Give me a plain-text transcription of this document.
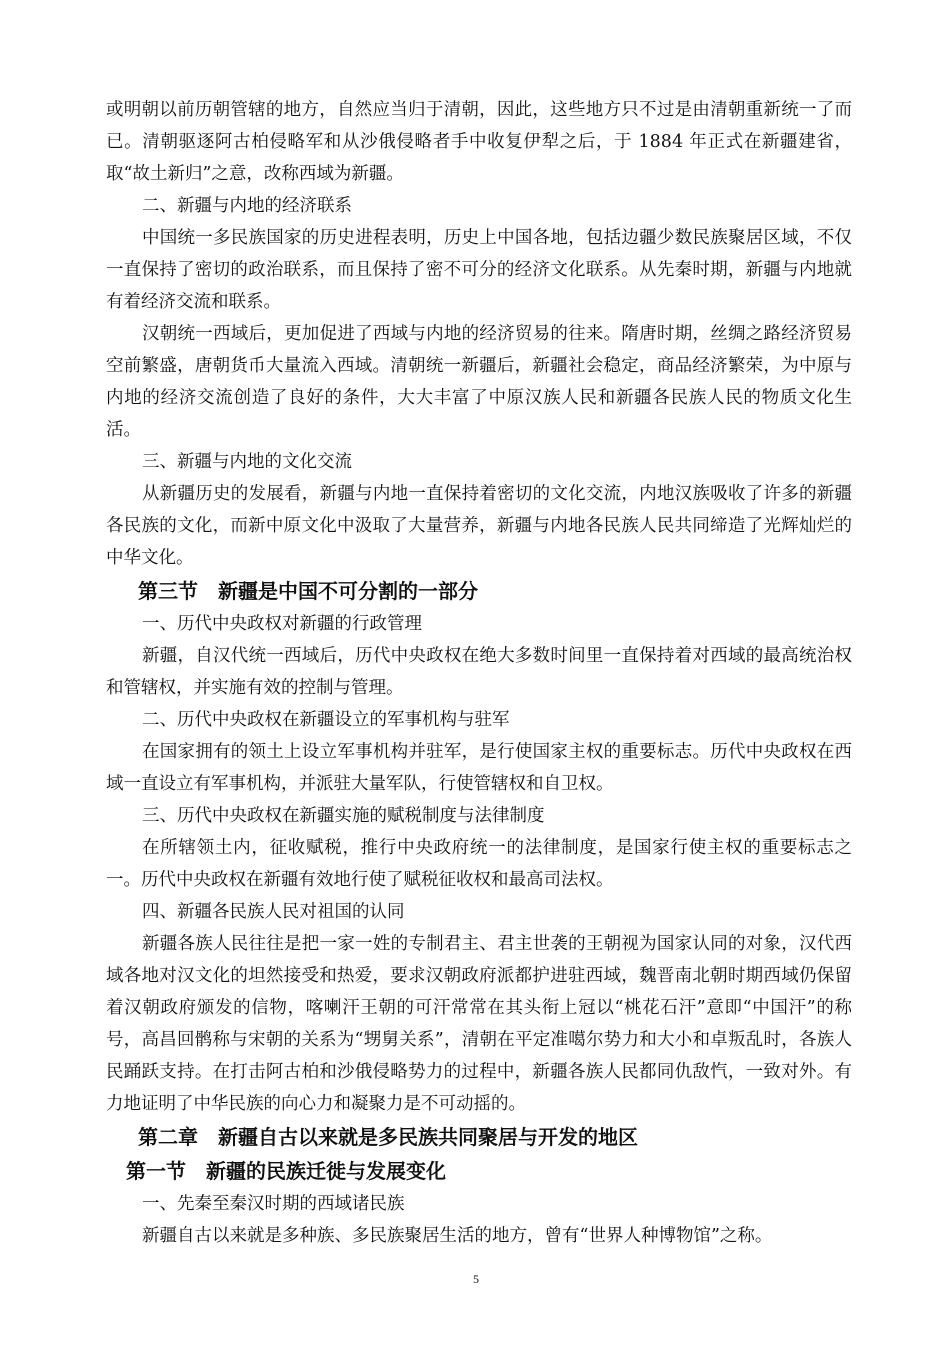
或明朝以前历朝管辖的地方，自然应当归于清朝，因此，这些地方只不过是由清朝重新统一了而已。清朝驱逐阿古柏侵略军和从沙俄侵略者手中收复伊犁之后，于 1884 年正式在新疆建省，取“故土新归”之意，改称西域为新疆。

二、新疆与内地的经济联系

中国统一多民族国家的历史进程表明，历史上中国各地，包括边疆少数民族聚居区域，不仅一直保持了密切的政治联系，而且保持了密不可分的经济文化联系。从先秦时期，新疆与内地就有着经济交流和联系。

汉朝统一西域后，更加促进了西域与内地的经济贸易的往来。隋唐时期，丝绸之路经济贸易空前繁盛，唐朝货币大量流入西域。清朝统一新疆后，新疆社会稳定，商品经济繁荣，为中原与内地的经济交流创造了良好的条件，大大丰富了中原汉族人民和新疆各民族人民的物质文化生活。

三、新疆与内地的文化交流

从新疆历史的发展看，新疆与内地一直保持着密切的文化交流，内地汉族吸收了许多的新疆各民族的文化，而新中原文化中汲取了大量营养，新疆与内地各民族人民共同缔造了光辉灿烂的中华文化。

第三节　新疆是中国不可分割的一部分

一、历代中央政权对新疆的行政管理

新疆，自汉代统一西域后，历代中央政权在绝大多数时间里一直保持着对西域的最高统治权和管辖权，并实施有效的控制与管理。

二、历代中央政权在新疆设立的军事机构与驻军

在国家拥有的领土上设立军事机构并驻军，是行使国家主权的重要标志。历代中央政权在西域一直设立有军事机构，并派驻大量军队，行使管辖权和自卫权。

三、历代中央政权在新疆实施的赋税制度与法律制度

在所辖领土内，征收赋税，推行中央政府统一的法律制度，是国家行使主权的重要标志之一。历代中央政权在新疆有效地行使了赋税征收权和最高司法权。

四、新疆各民族人民对祖国的认同

新疆各族人民往往是把一家一姓的专制君主、君主世袭的王朝视为国家认同的对象，汉代西域各地对汉文化的坦然接受和热爱，要求汉朝政府派都护进驻西域，魏晋南北朝时期西域仍保留着汉朝政府颁发的信物，喀喇汗王朝的可汗常常在其头衔上冠以“桃花石汗”意即“中国汗”的称号，高昌回鹘称与宋朝的关系为“甥舅关系”，清朝在平定准噶尔势力和大小和卓叛乱时，各族人民踊跃支持。在打击阿古柏和沙俄侵略势力的过程中，新疆各族人民都同仇敌忾，一致对外。有力地证明了中华民族的向心力和凝聚力是不可动摇的。

第二章　新疆自古以来就是多民族共同聚居与开发的地区
第一节　新疆的民族迁徙与发展变化

一、先秦至秦汉时期的西域诸民族

新疆自古以来就是多种族、多民族聚居生活的地方，曾有“世界人种博物馆”之称。

5
